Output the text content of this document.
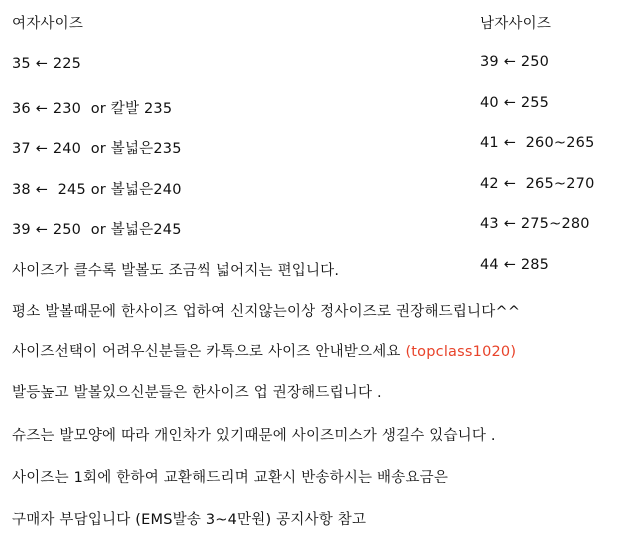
여자사이즈
35 ← 225
36 ← 230  or 칼발 235
37 ← 240  or 볼넓은235
38 ←  245 or 볼넓은240
39 ← 250  or 볼넓은245
남자사이즈
39 ← 250
40 ← 255
41 ←  260~265
42 ←  265~270
43 ← 275~280
44 ← 285
사이즈가 클수록 발볼도 조금씩 넓어지는 편입니다.
평소 발볼때문에 한사이즈 업하여 신지않는이상 정사이즈로 권장해드립니다^^
사이즈선택이 어려우신분들은 카톡으로 사이즈 안내받으세요 (topclass1020)
발등높고 발볼있으신분들은 한사이즈 업 권장해드립니다 .
슈즈는 발모양에 따라 개인차가 있기때문에 사이즈미스가 생길수 있습니다 .
사이즈는 1회에 한하여 교환해드리며 교환시 반송하시는 배송요금은
구매자 부담입니다 (EMS발송 3~4만원) 공지사항 참고
